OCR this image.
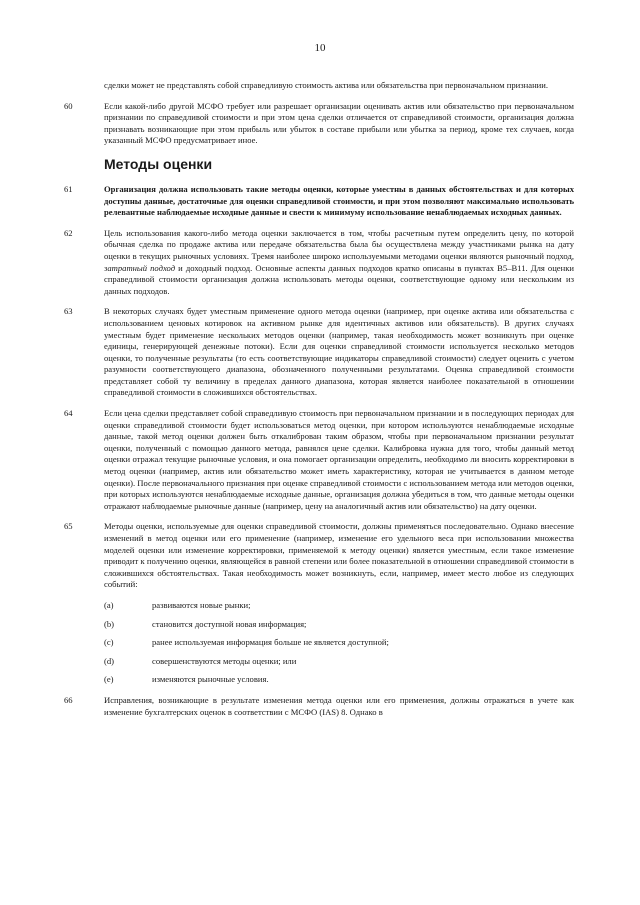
10

сделки может не представлять собой справедливую стоимость актива или обязательства при первоначальном признании.

60	Если какой-либо другой МСФО требует или разрешает организации оценивать актив или обязательство при первоначальном признании по справедливой стоимости и при этом цена сделки отличается от справедливой стоимости, организация должна признавать возникающие при этом прибыль или убыток в составе прибыли или убытка за период, кроме тех случаев, когда указанный МСФО предусматривает иное.

Методы оценки

61	Организация должна использовать такие методы оценки, которые уместны в данных обстоятельствах и для которых доступны данные, достаточные для оценки справедливой стоимости, и при этом позволяют максимально использовать релевантные наблюдаемые исходные данные и свести к минимуму использование ненаблюдаемых исходных данных.

62	Цель использования какого-либо метода оценки заключается в том, чтобы расчетным путем определить цену, по которой обычная сделка по продаже актива или передаче обязательства была бы осуществлена между участниками рынка на дату оценки в текущих рыночных условиях. Тремя наиболее широко используемыми методами оценки являются рыночный подход, затратный подход и доходный подход. Основные аспекты данных подходов кратко описаны в пунктах B5–B11. Для оценки справедливой стоимости организация должна использовать методы оценки, соответствующие одному или нескольким из данных подходов.

63	В некоторых случаях будет уместным применение одного метода оценки (например, при оценке актива или обязательства с использованием ценовых котировок на активном рынке для идентичных активов или обязательств). В других случаях уместным будет применение нескольких методов оценки (например, такая необходимость может возникнуть при оценке единицы, генерирующей денежные потоки). Если для оценки справедливой стоимости используется несколько методов оценки, то полученные результаты (то есть соответствующие индикаторы справедливой стоимости) следует оценить с учетом разумности соответствующего диапазона, обозначенного полученными результатами. Оценка справедливой стоимости представляет собой ту величину в пределах данного диапазона, которая является наиболее показательной в отношении справедливой стоимости в сложившихся обстоятельствах.

64	Если цена сделки представляет собой справедливую стоимость при первоначальном признании и в последующих периодах для оценки справедливой стоимости будет использоваться метод оценки, при котором используются ненаблюдаемые исходные данные, такой метод оценки должен быть откалиброван таким образом, чтобы при первоначальном признании результат оценки, полученный с помощью данного метода, равнялся цене сделки. Калибровка нужна для того, чтобы данный метод оценки отражал текущие рыночные условия, и она помогает организации определить, необходимо ли вносить корректировки в метод оценки (например, актив или обязательство может иметь характеристику, которая не учитывается в данном методе оценки). После первоначального признания при оценке справедливой стоимости с использованием метода или методов оценки, при которых используются ненаблюдаемые исходные данные, организация должна убедиться в том, что данные методы оценки отражают наблюдаемые рыночные данные (например, цену на аналогичный актив или обязательство) на дату оценки.

65	Методы оценки, используемые для оценки справедливой стоимости, должны применяться последовательно. Однако внесение изменений в метод оценки или его применение (например, изменение его удельного веса при использовании множества моделей оценки или изменение корректировки, применяемой к методу оценки) является уместным, если такое изменение приводит к получению оценки, являющейся в равной степени или более показательной в отношении справедливой стоимости в сложившихся обстоятельствах. Такая необходимость может возникнуть, если, например, имеет место любое из следующих событий:

(a)	развиваются новые рынки;
(b)	становится доступной новая информация;
(c)	ранее используемая информация больше не является доступной;
(d)	совершенствуются методы оценки; или
(e)	изменяются рыночные условия.

66	Исправления, возникающие в результате изменения метода оценки или его применения, должны отражаться в учете как изменение бухгалтерских оценок в соответствии с МСФО (IAS) 8. Однако в
